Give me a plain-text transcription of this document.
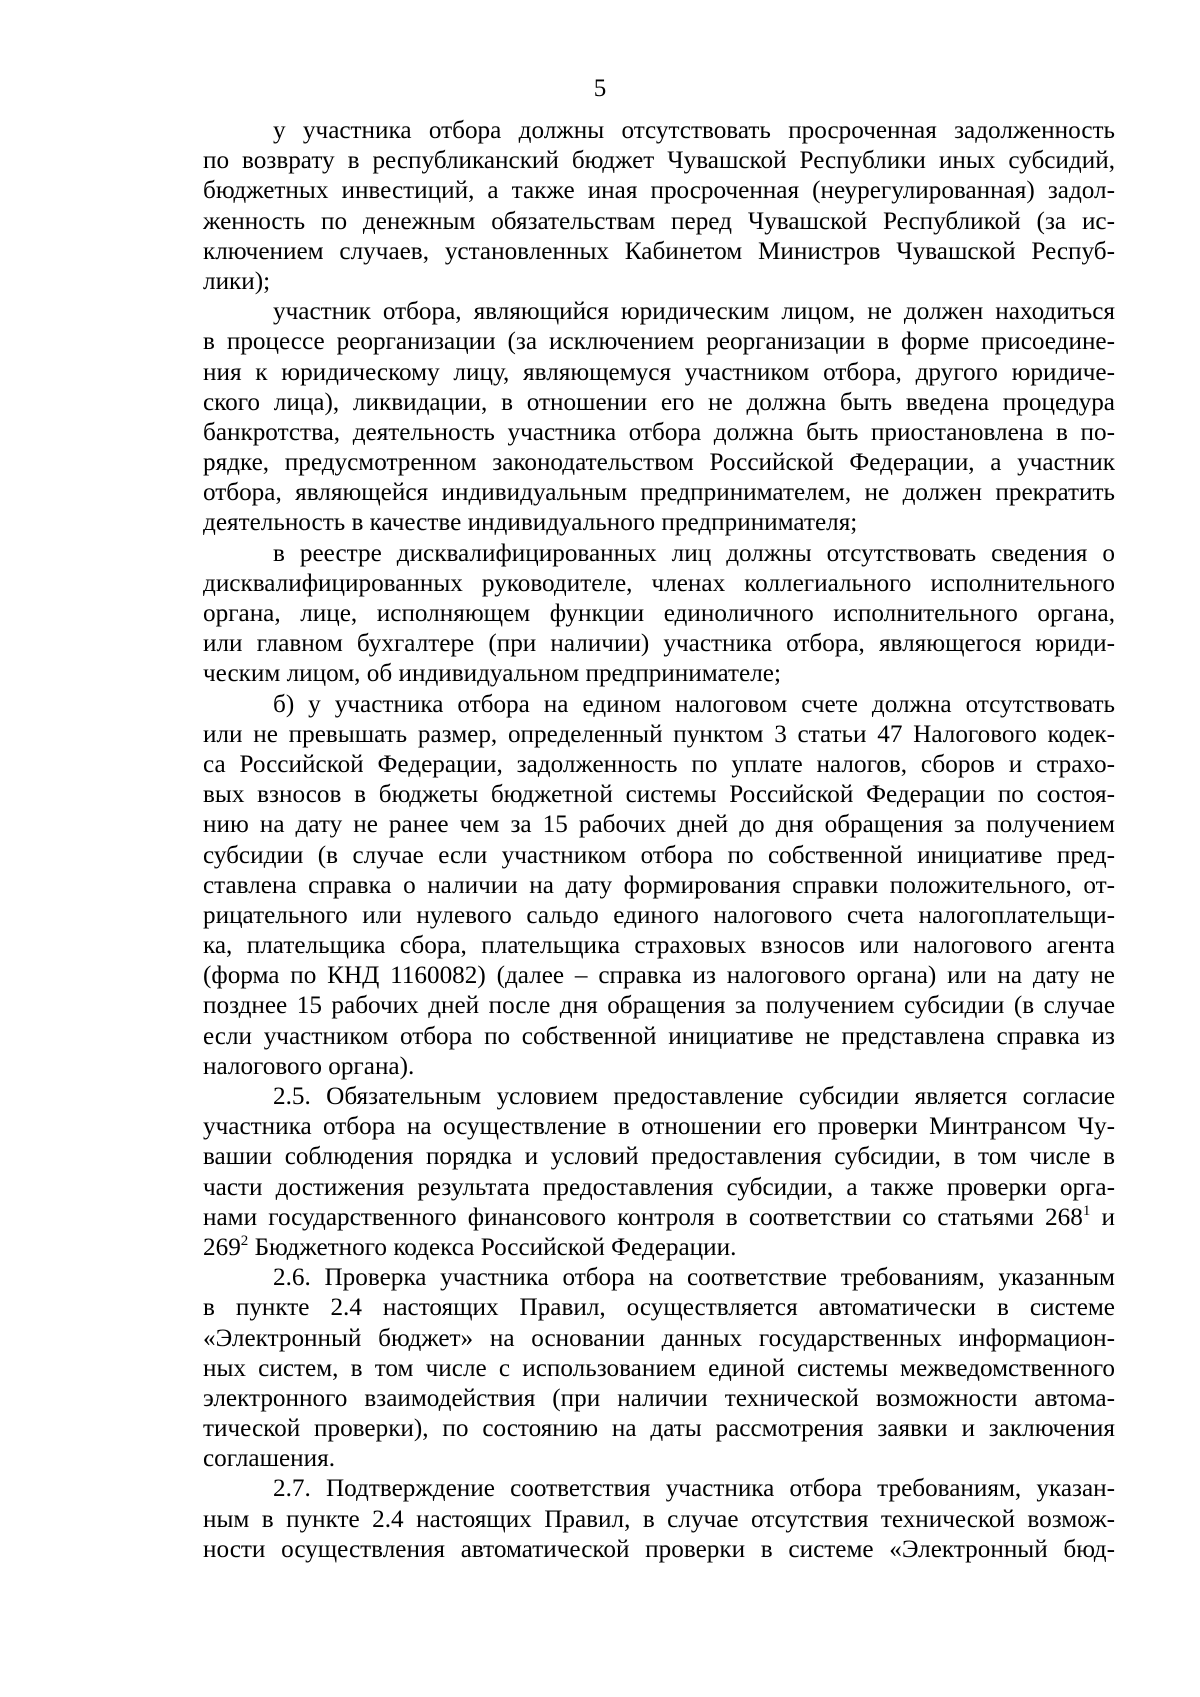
5
у участника отбора должны отсутствовать просроченная задолженность
по возврату в республиканский бюджет Чувашской Республики иных субсидий,
бюджетных инвестиций, а также иная просроченная (неурегулированная) задол-
женность по денежным обязательствам перед Чувашской Республикой (за ис-
ключением случаев, установленных Кабинетом Министров Чувашской Респуб-
лики);
участник отбора, являющийся юридическим лицом, не должен находиться
в процессе реорганизации (за исключением реорганизации в форме присоедине-
ния к юридическому лицу, являющемуся участником отбора, другого юридиче-
ского лица), ликвидации, в отношении его не должна быть введена процедура
банкротства, деятельность участника отбора должна быть приостановлена в по-
рядке, предусмотренном законодательством Российской Федерации, а участник
отбора, являющейся индивидуальным предпринимателем, не должен прекратить
деятельность в качестве индивидуального предпринимателя;
в реестре дисквалифицированных лиц должны отсутствовать сведения о
дисквалифицированных руководителе, членах коллегиального исполнительного
органа, лице, исполняющем функции единоличного исполнительного органа,
или главном бухгалтере (при наличии) участника отбора, являющегося юриди-
ческим лицом, об индивидуальном предпринимателе;
б) у участника отбора на едином налоговом счете должна отсутствовать
или не превышать размер, определенный пунктом 3 статьи 47 Налогового кодек-
са Российской Федерации, задолженность по уплате налогов, сборов и страхо-
вых взносов в бюджеты бюджетной системы Российской Федерации по состоя-
нию на дату не ранее чем за 15 рабочих дней до дня обращения за получением
субсидии (в случае если участником отбора по собственной инициативе пред-
ставлена справка о наличии на дату формирования справки положительного, от-
рицательного или нулевого сальдо единого налогового счета налогоплательщи-
ка, плательщика сбора, плательщика страховых взносов или налогового агента
(форма по КНД 1160082) (далее – справка из налогового органа) или на дату не
позднее 15 рабочих дней после дня обращения за получением субсидии (в случае
если участником отбора по собственной инициативе не представлена справка из
налогового органа).
2.5. Обязательным условием предоставление субсидии является согласие
участника отбора на осуществление в отношении его проверки Минтрансом Чу-
вашии соблюдения порядка и условий предоставления субсидии, в том числе в
части достижения результата предоставления субсидии, а также проверки орга-
нами государственного финансового контроля в соответствии со статьями $268^1$ и
$269^2$ Бюджетного кодекса Российской Федерации.
2.6. Проверка участника отбора на соответствие требованиям, указанным
в пункте 2.4 настоящих Правил, осуществляется автоматически в системе
«Электронный бюджет» на основании данных государственных информацион-
ных систем, в том числе с использованием единой системы межведомственного
электронного взаимодействия (при наличии технической возможности автома-
тической проверки), по состоянию на даты рассмотрения заявки и заключения
соглашения.
2.7. Подтверждение соответствия участника отбора требованиям, указан-
ным в пункте 2.4 настоящих Правил, в случае отсутствия технической возмож-
ности осуществления автоматической проверки в системе «Электронный бюд-
